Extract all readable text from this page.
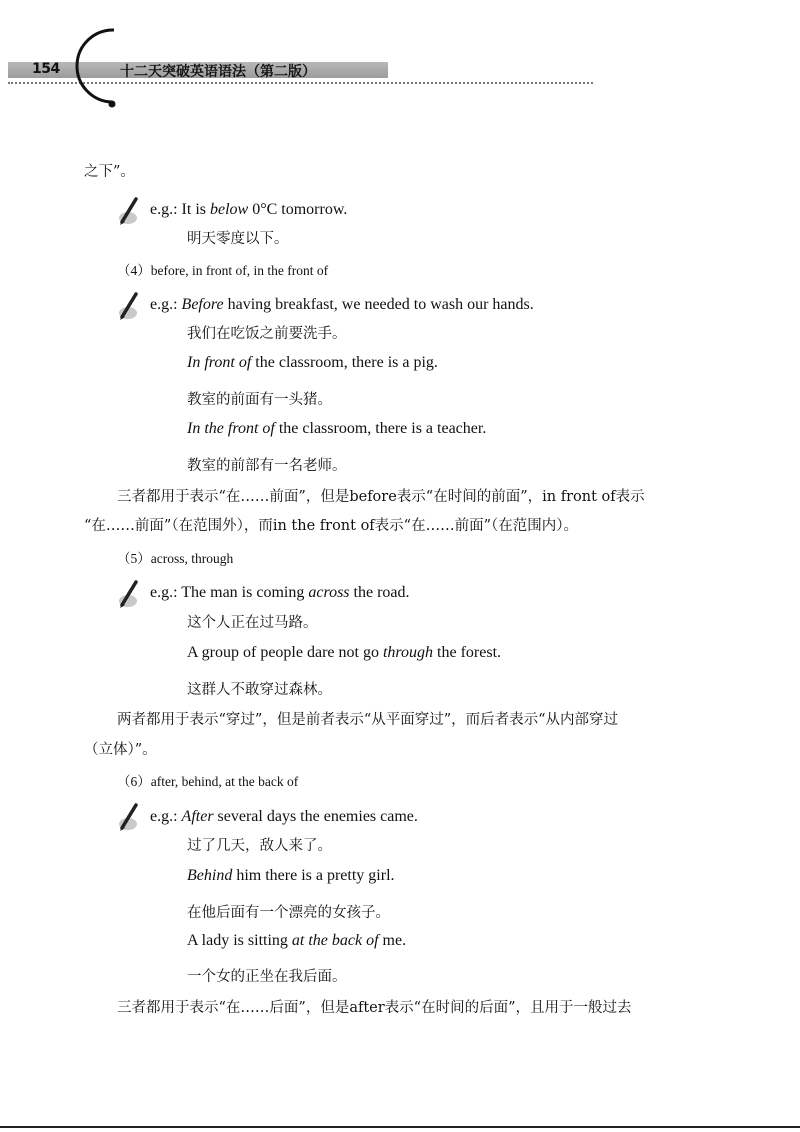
154	十二天突破英语语法（第二版）
之下”。
e.g.: It is below 0°C tomorrow.
明天零度以下。
（4）before, in front of, in the front of
e.g.: Before having breakfast, we needed to wash our hands.
我们在吃饭之前要洗手。
In front of the classroom, there is a pig.
教室的前面有一头猪。
In the front of the classroom, there is a teacher.
教室的前部有一名老师。
三者都用于表示“在……前面”，但是before表示“在时间的前面”，in front of表示
“在……前面”（在范围外），而in the front of表示“在……前面”（在范围内）。
（5）across, through
e.g.: The man is coming across the road.
这个人正在过马路。
A group of people dare not go through the forest.
这群人不敢穿过森林。
两者都用于表示“穿过”，但是前者表示“从平面穿过”，而后者表示“从内部穿过
（立体）”。
（6）after, behind, at the back of
e.g.: After several days the enemies came.
过了几天，敌人来了。
Behind him there is a pretty girl.
在他后面有一个漂亮的女孩子。
A lady is sitting at the back of me.
一个女的正坐在我后面。
三者都用于表示“在……后面”，但是after表示“在时间的后面”，且用于一般过去
